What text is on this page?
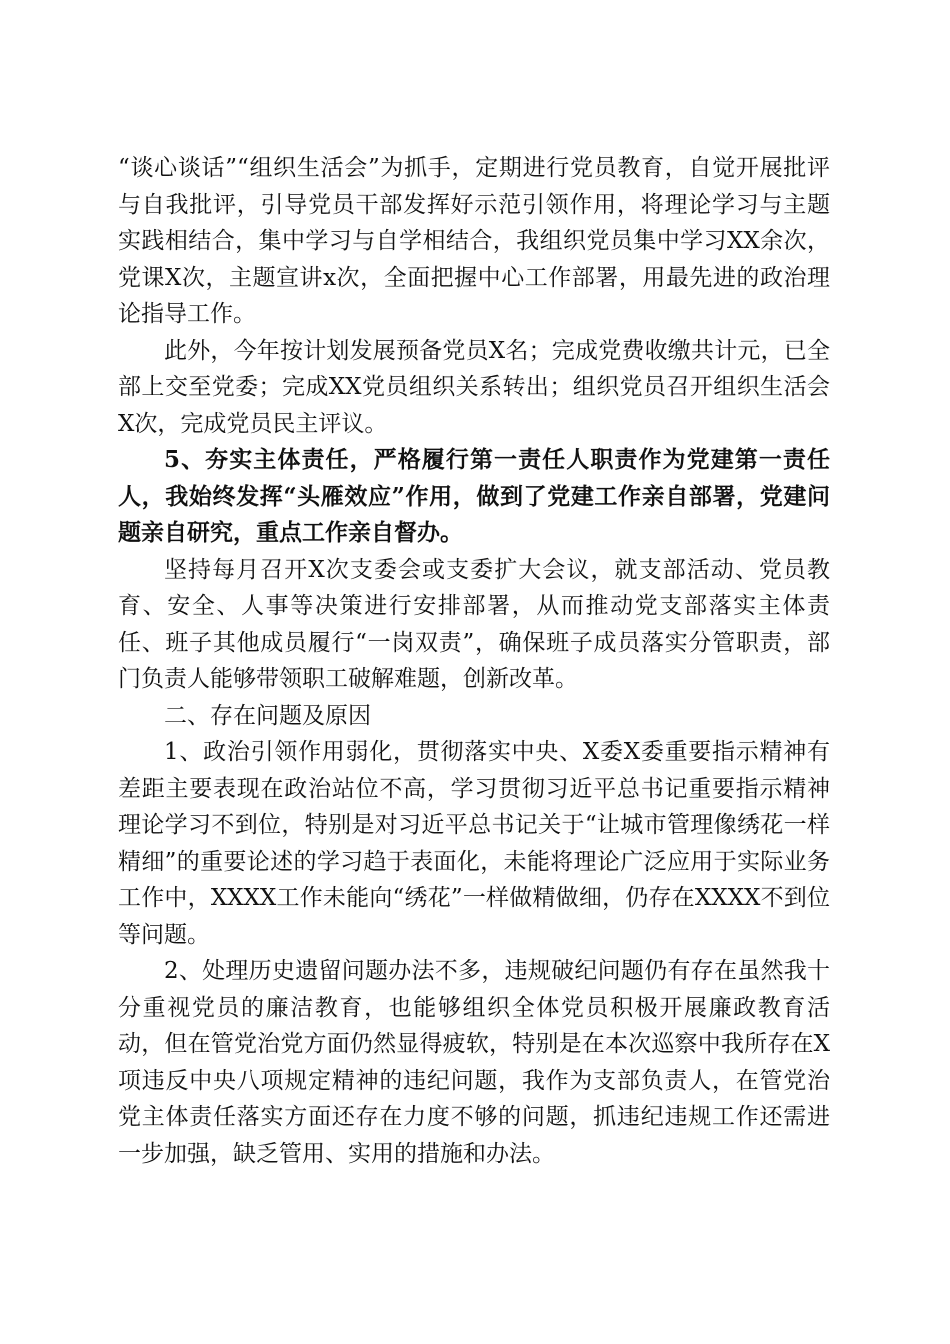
“谈心谈话”“组织生活会”为抓手，定期进行党员教育，自觉开展批评与自我批评，引导党员干部发挥好示范引领作用，将理论学习与主题实践相结合，集中学习与自学相结合，我组织党员集中学习XX余次，党课X次，主题宣讲x次，全面把握中心工作部署，用最先进的政治理论指导工作。

此外，今年按计划发展预备党员X名；完成党费收缴共计元，已全部上交至党委；完成XX党员组织关系转出；组织党员召开组织生活会X次，完成党员民主评议。

5、夯实主体责任，严格履行第一责任人职责作为党建第一责任人，我始终发挥“头雁效应”作用，做到了党建工作亲自部署，党建问题亲自研究，重点工作亲自督办。

坚持每月召开X次支委会或支委扩大会议，就支部活动、党员教育、安全、人事等决策进行安排部署，从而推动党支部落实主体责任、班子其他成员履行“一岗双责”，确保班子成员落实分管职责，部门负责人能够带领职工破解难题，创新改革。

二、存在问题及原因

1、政治引领作用弱化，贯彻落实中央、X委X委重要指示精神有差距主要表现在政治站位不高，学习贯彻习近平总书记重要指示精神理论学习不到位，特别是对习近平总书记关于“让城市管理像绣花一样精细”的重要论述的学习趋于表面化，未能将理论广泛应用于实际业务工作中，XXXX工作未能向“绣花”一样做精做细，仍存在XXXX不到位等问题。

2、处理历史遗留问题办法不多，违规破纪问题仍有存在虽然我十分重视党员的廉洁教育，也能够组织全体党员积极开展廉政教育活动，但在管党治党方面仍然显得疲软，特别是在本次巡察中我所存在X项违反中央八项规定精神的违纪问题，我作为支部负责人，在管党治党主体责任落实方面还存在力度不够的问题，抓违纪违规工作还需进一步加强，缺乏管用、实用的措施和办法。
